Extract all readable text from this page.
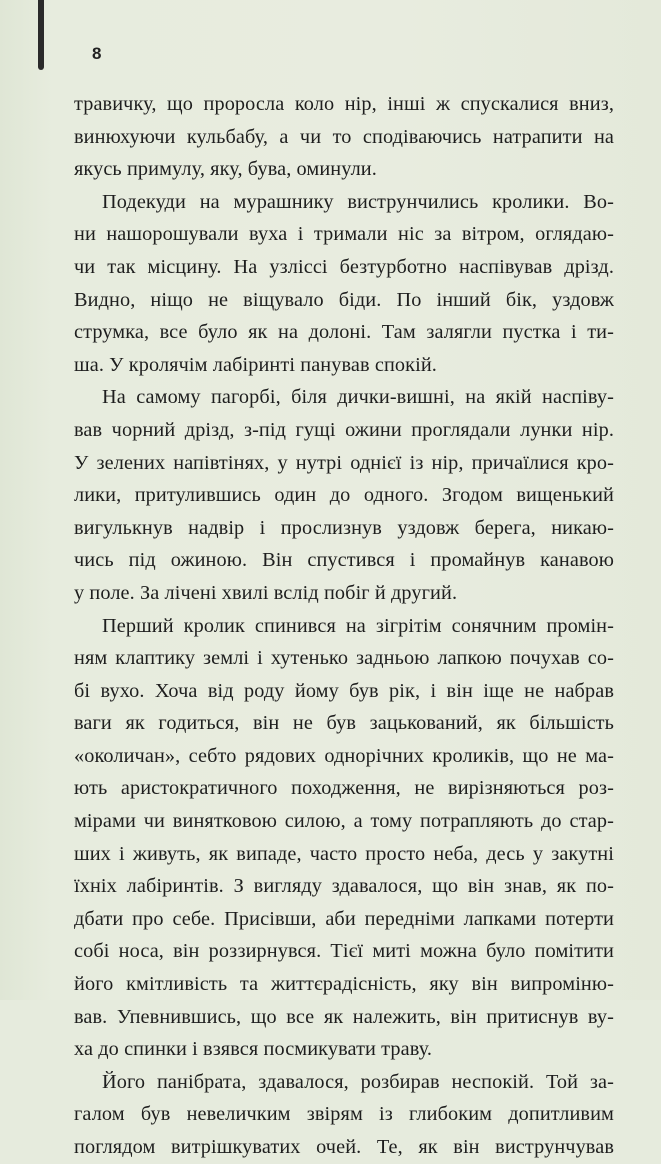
8
травичку, що проросла коло нір, інші ж спускалися вниз,
винюхуючи кульбабу, а чи то сподіваючись натрапити на
якусь примулу, яку, бува, оминули.
Подекуди на мурашнику виструнчились кролики. Во-
ни нашорошували вуха і тримали ніс за вітром, оглядаю-
чи так місцину. На узліссі безтурботно наспівував дрізд.
Видно, ніщо не віщувало біди. По інший бік, уздовж
струмка, все було як на долоні. Там залягли пустка і ти-
ша. У кролячім лабіринті панував спокій.
На самому пагорбі, біля дички-вишні, на якій наспіву-
вав чорний дрізд, з-під гущі ожини проглядали лунки нір.
У зелених напівтінях, у нутрі однієї із нір, причаїлися кро-
лики, притулившись один до одного. Згодом вищенький
вигулькнув надвір і прослизнув уздовж берега, никаю-
чись під ожиною. Він спустився і промайнув канавою
у поле. За лічені хвилі вслід побіг й другий.
Перший кролик спинився на зігрітім сонячним промін-
ням клаптику землі і хутенько задньою лапкою почухав со-
бі вухо. Хоча від роду йому був рік, і він іще не набрав
ваги як годиться, він не був зацькований, як більшість
«околичан», себто рядових однорічних кроликів, що не ма-
ють аристократичного походження, не вирізняються роз-
мірами чи винятковою силою, а тому потрапляють до стар-
ших і живуть, як випаде, часто просто неба, десь у закутні
їхніх лабіринтів. З вигляду здавалося, що він знав, як по-
дбати про себе. Присівши, аби передніми лапками потерти
собі носа, він роззирнувся. Тієї миті можна було помітити
його кмітливість та життєрадісність, яку він випроміню-
вав. Упевнившись, що все як належить, він притиснув ву-
ха до спинки і взявся посмикувати траву.
Його панібрата, здавалося, розбирав неспокій. Той за-
галом був невеличким звірям із глибоким допитливим
поглядом витрішкуватих очей. Те, як він виструнчував
